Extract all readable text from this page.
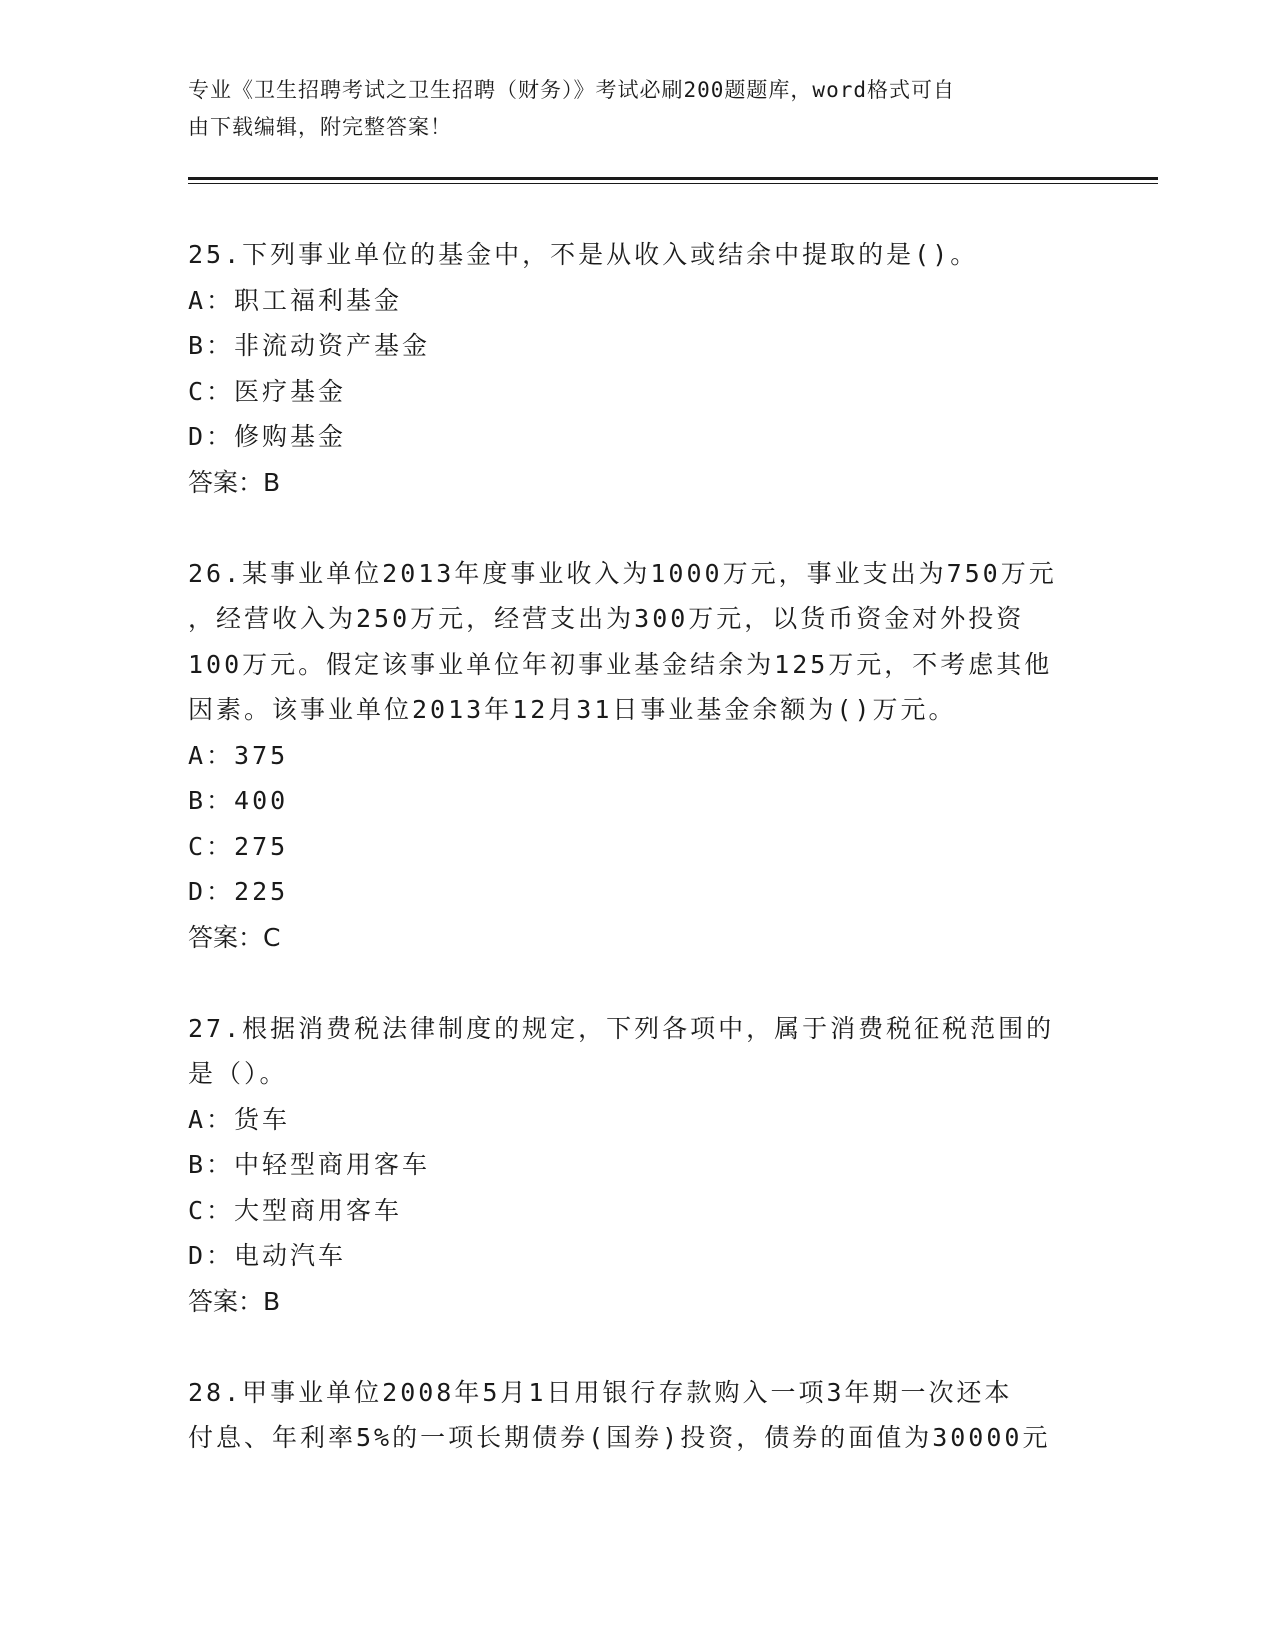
专业《卫生招聘考试之卫生招聘（财务）》考试必刷200题题库，word格式可自
由下载编辑，附完整答案！
25.下列事业单位的基金中，不是从收入或结余中提取的是()。
A：职工福利基金
B：非流动资产基金
C：医疗基金
D：修购基金
答案：B
26.某事业单位2013年度事业收入为1000万元，事业支出为750万元
，经营收入为250万元，经营支出为300万元，以货币资金对外投资
100万元。假定该事业单位年初事业基金结余为125万元，不考虑其他
因素。该事业单位2013年12月31日事业基金余额为()万元。
A：375
B：400
C：275
D：225
答案：C
27.根据消费税法律制度的规定，下列各项中，属于消费税征税范围的
是（）。
A：货车
B：中轻型商用客车
C：大型商用客车
D：电动汽车
答案：B
28.甲事业单位2008年5月1日用银行存款购入一项3年期一次还本
付息、年利率5%的一项长期债券(国券)投资，债券的面值为30000元
